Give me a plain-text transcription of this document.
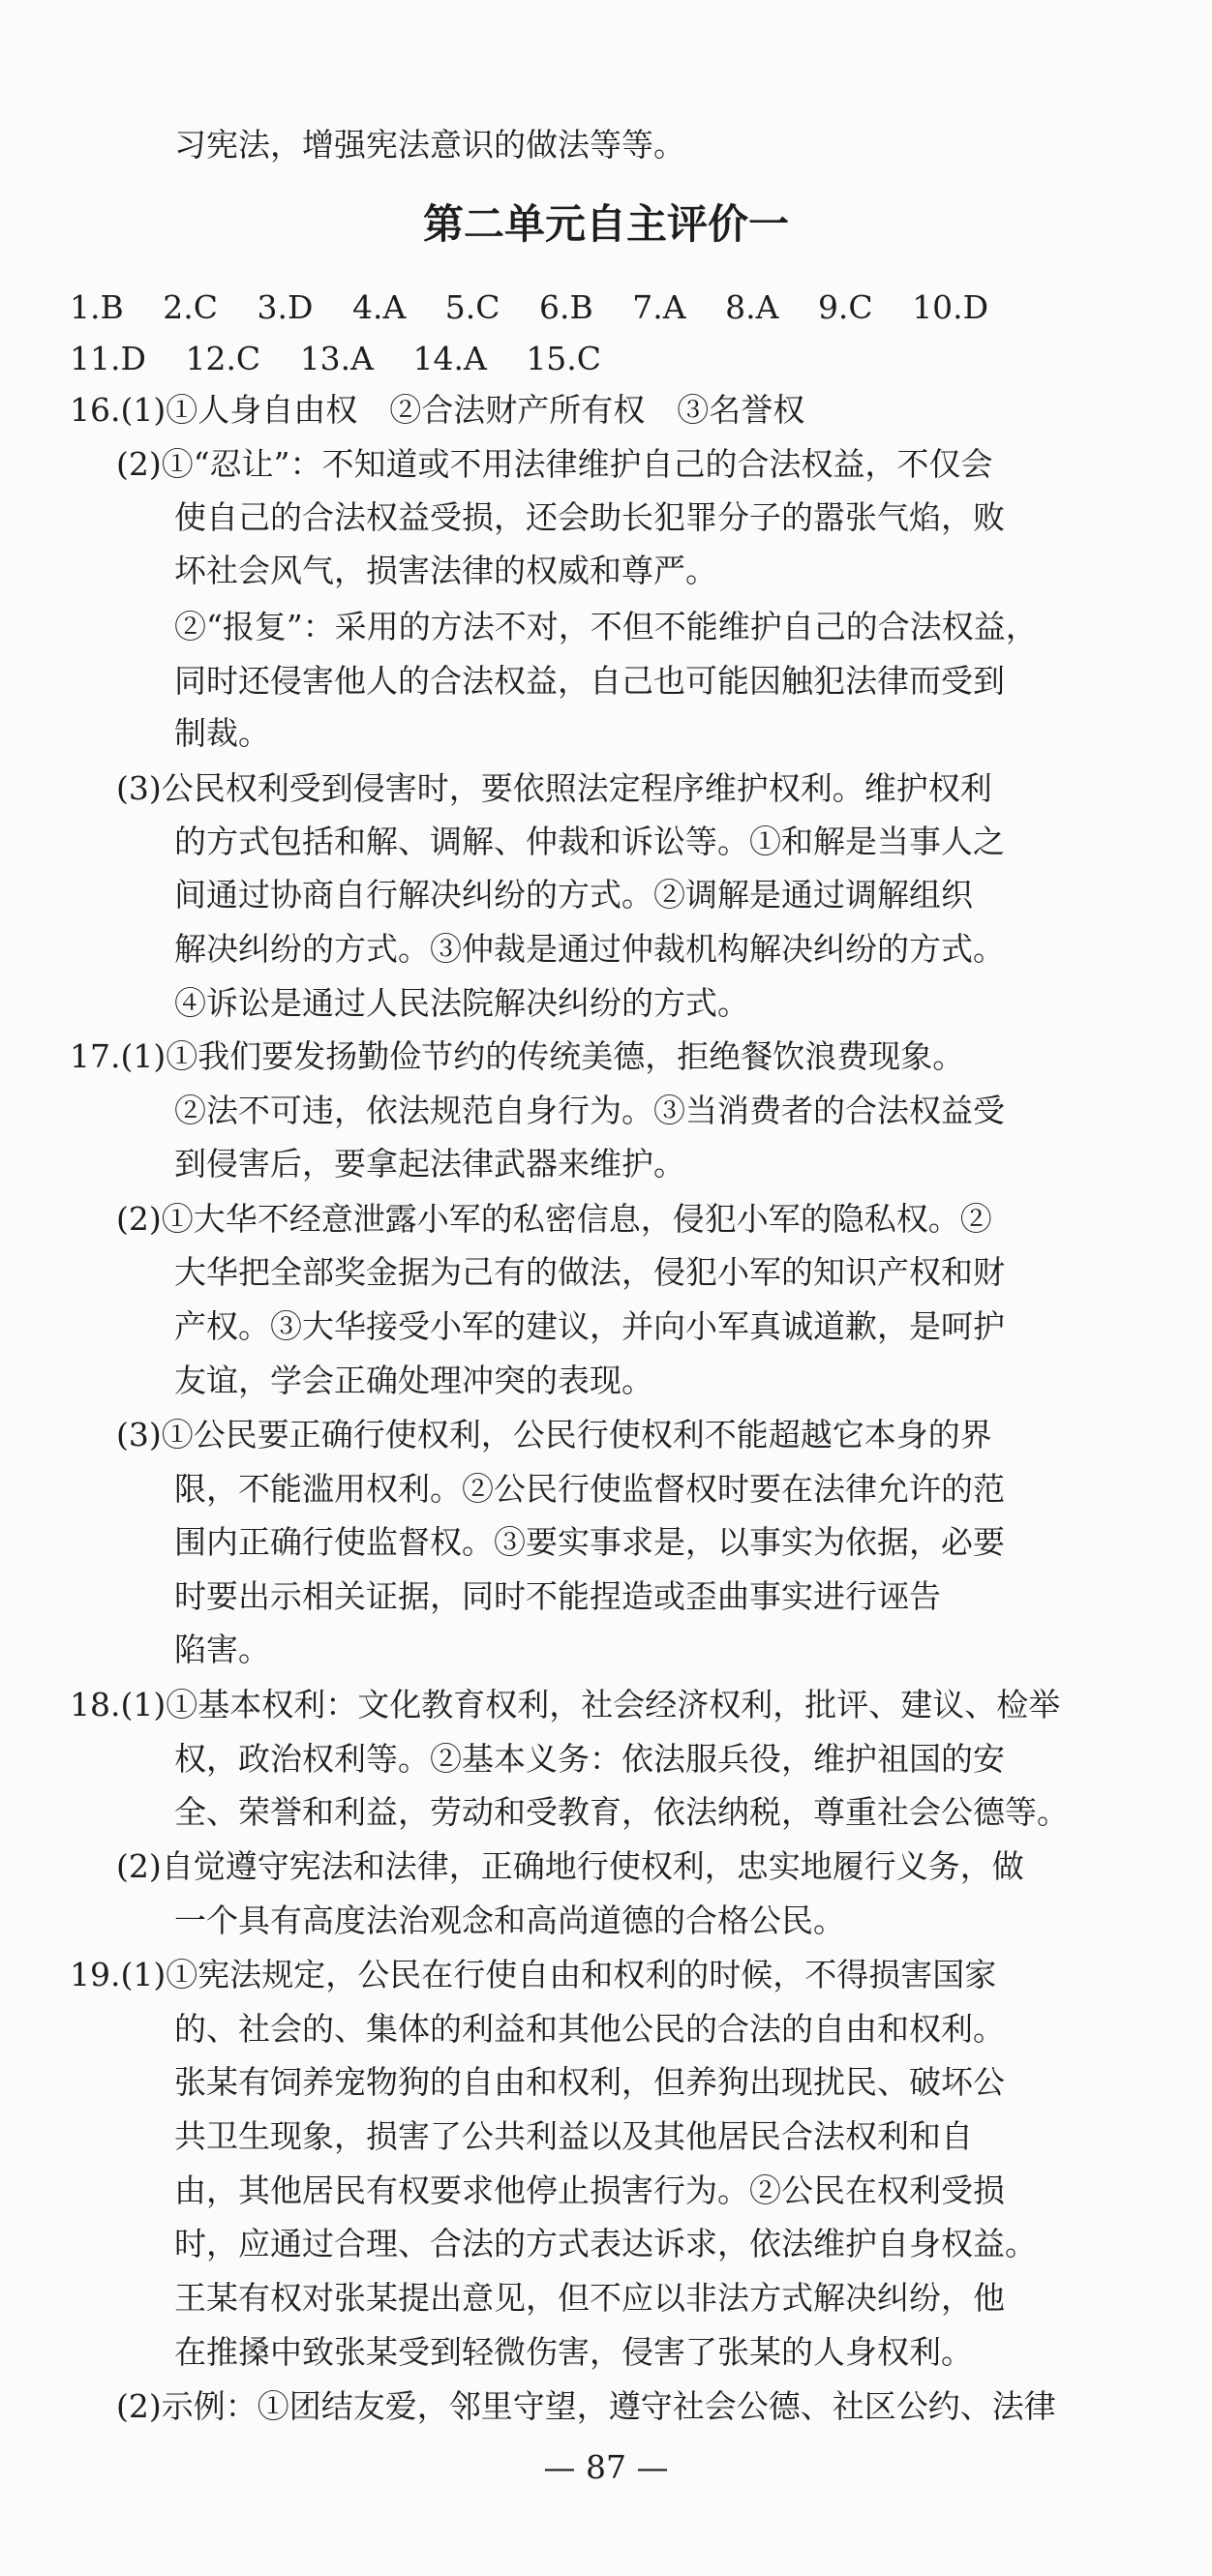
习宪法，增强宪法意识的做法等等。
第二单元自主评价一
1.B 2.C 3.D 4.A 5.C 6.B 7.A 8.A 9.C 10.D
11.D 12.C 13.A 14.A 15.C
16.(1)①人身自由权　②合法财产所有权　③名誉权
(2)①“忍让”：不知道或不用法律维护自己的合法权益，不仅会
使自己的合法权益受损，还会助长犯罪分子的嚣张气焰，败
坏社会风气，损害法律的权威和尊严。
②“报复”：采用的方法不对，不但不能维护自己的合法权益，
同时还侵害他人的合法权益，自己也可能因触犯法律而受到
制裁。
(3)公民权利受到侵害时，要依照法定程序维护权利。维护权利
的方式包括和解、调解、仲裁和诉讼等。①和解是当事人之
间通过协商自行解决纠纷的方式。②调解是通过调解组织
解决纠纷的方式。③仲裁是通过仲裁机构解决纠纷的方式。
④诉讼是通过人民法院解决纠纷的方式。
17.(1)①我们要发扬勤俭节约的传统美德，拒绝餐饮浪费现象。
②法不可违，依法规范自身行为。③当消费者的合法权益受
到侵害后，要拿起法律武器来维护。
(2)①大华不经意泄露小军的私密信息，侵犯小军的隐私权。②
大华把全部奖金据为己有的做法，侵犯小军的知识产权和财
产权。③大华接受小军的建议，并向小军真诚道歉，是呵护
友谊，学会正确处理冲突的表现。
(3)①公民要正确行使权利，公民行使权利不能超越它本身的界
限，不能滥用权利。②公民行使监督权时要在法律允许的范
围内正确行使监督权。③要实事求是，以事实为依据，必要
时要出示相关证据，同时不能捏造或歪曲事实进行诬告
陷害。
18.(1)①基本权利：文化教育权利，社会经济权利，批评、建议、检举
权，政治权利等。②基本义务：依法服兵役，维护祖国的安
全、荣誉和利益，劳动和受教育，依法纳税，尊重社会公德等。
(2)自觉遵守宪法和法律，正确地行使权利，忠实地履行义务，做
一个具有高度法治观念和高尚道德的合格公民。
19.(1)①宪法规定，公民在行使自由和权利的时候，不得损害国家
的、社会的、集体的利益和其他公民的合法的自由和权利。
张某有饲养宠物狗的自由和权利，但养狗出现扰民、破坏公
共卫生现象，损害了公共利益以及其他居民合法权利和自
由，其他居民有权要求他停止损害行为。②公民在权利受损
时，应通过合理、合法的方式表达诉求，依法维护自身权益。
王某有权对张某提出意见，但不应以非法方式解决纠纷，他
在推搡中致张某受到轻微伤害，侵害了张某的人身权利。
(2)示例：①团结友爱，邻里守望，遵守社会公德、社区公约、法律
— 87 —
